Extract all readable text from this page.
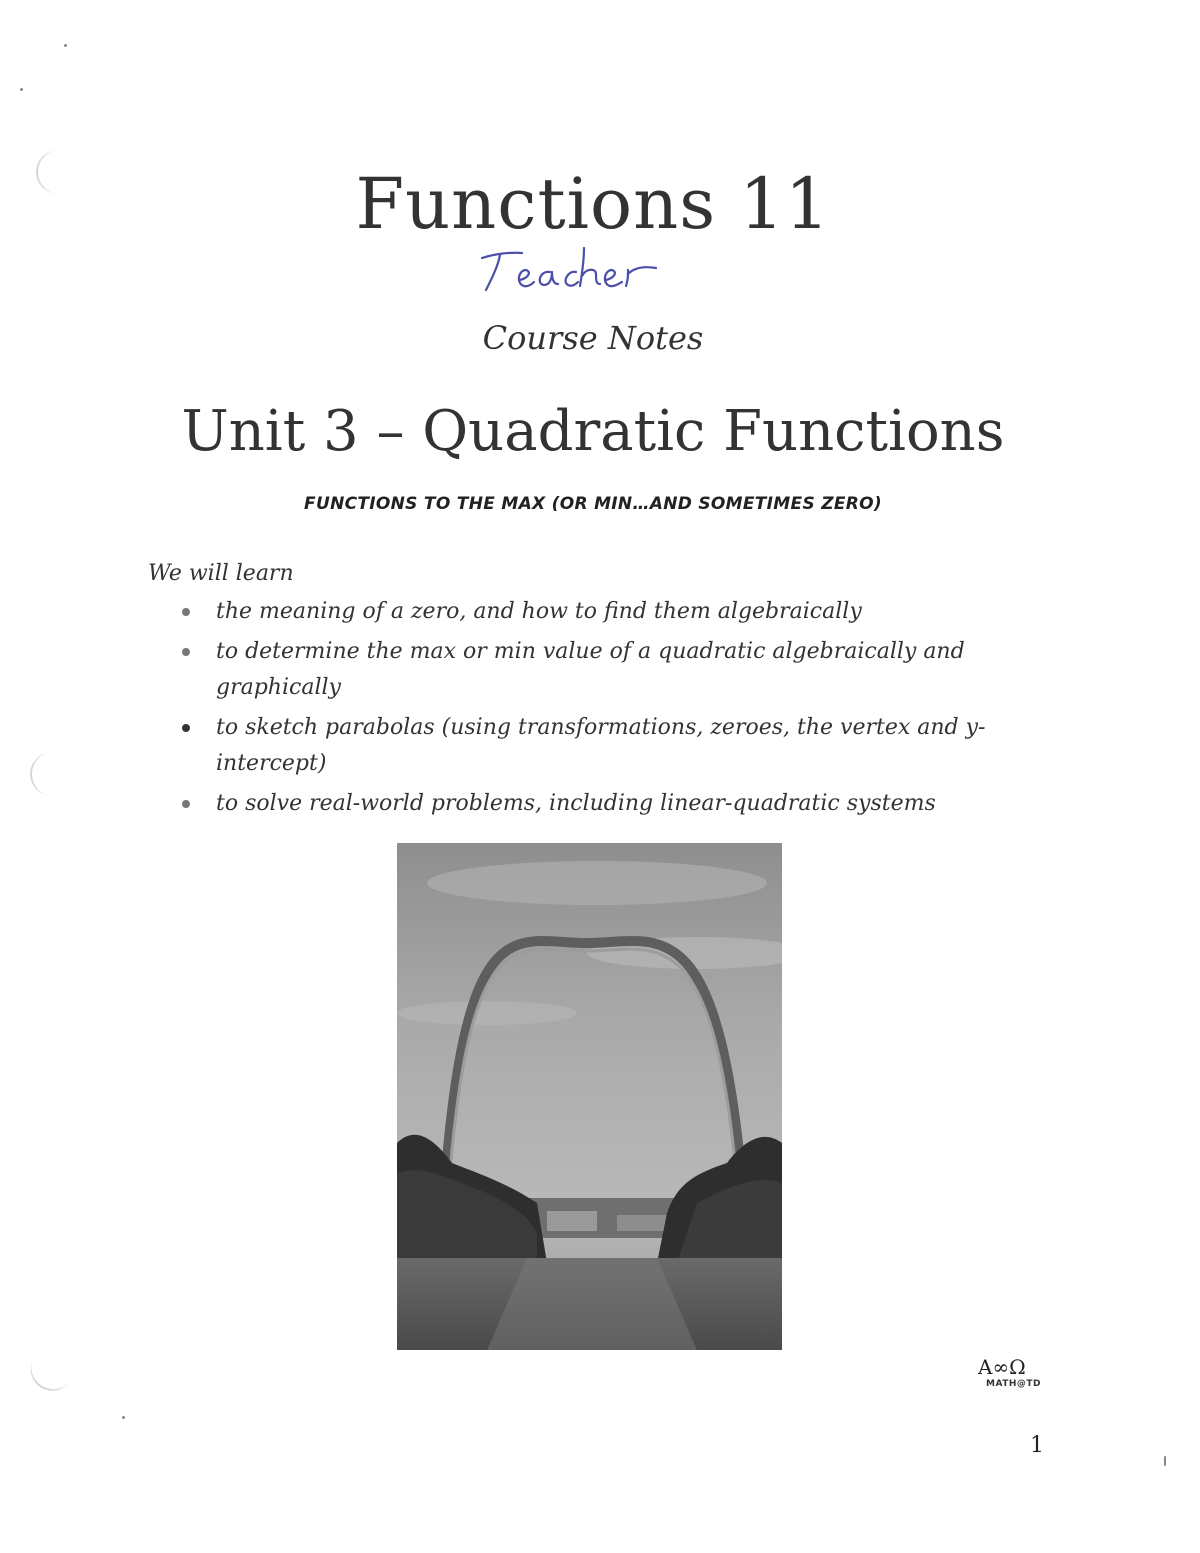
Functions 11
Course Notes
Unit 3 – Quadratic Functions
FUNCTIONS TO THE MAX (OR MIN…AND SOMETIMES ZERO)
We will learn
the meaning of a zero, and how to find them algebraically
to determine the max or min value of a quadratic algebraically and graphically
to sketch parabolas (using transformations, zeroes, the vertex and y-intercept)
to solve real-world problems, including linear-quadratic systems
A∞Ω
MATH@TD
1
